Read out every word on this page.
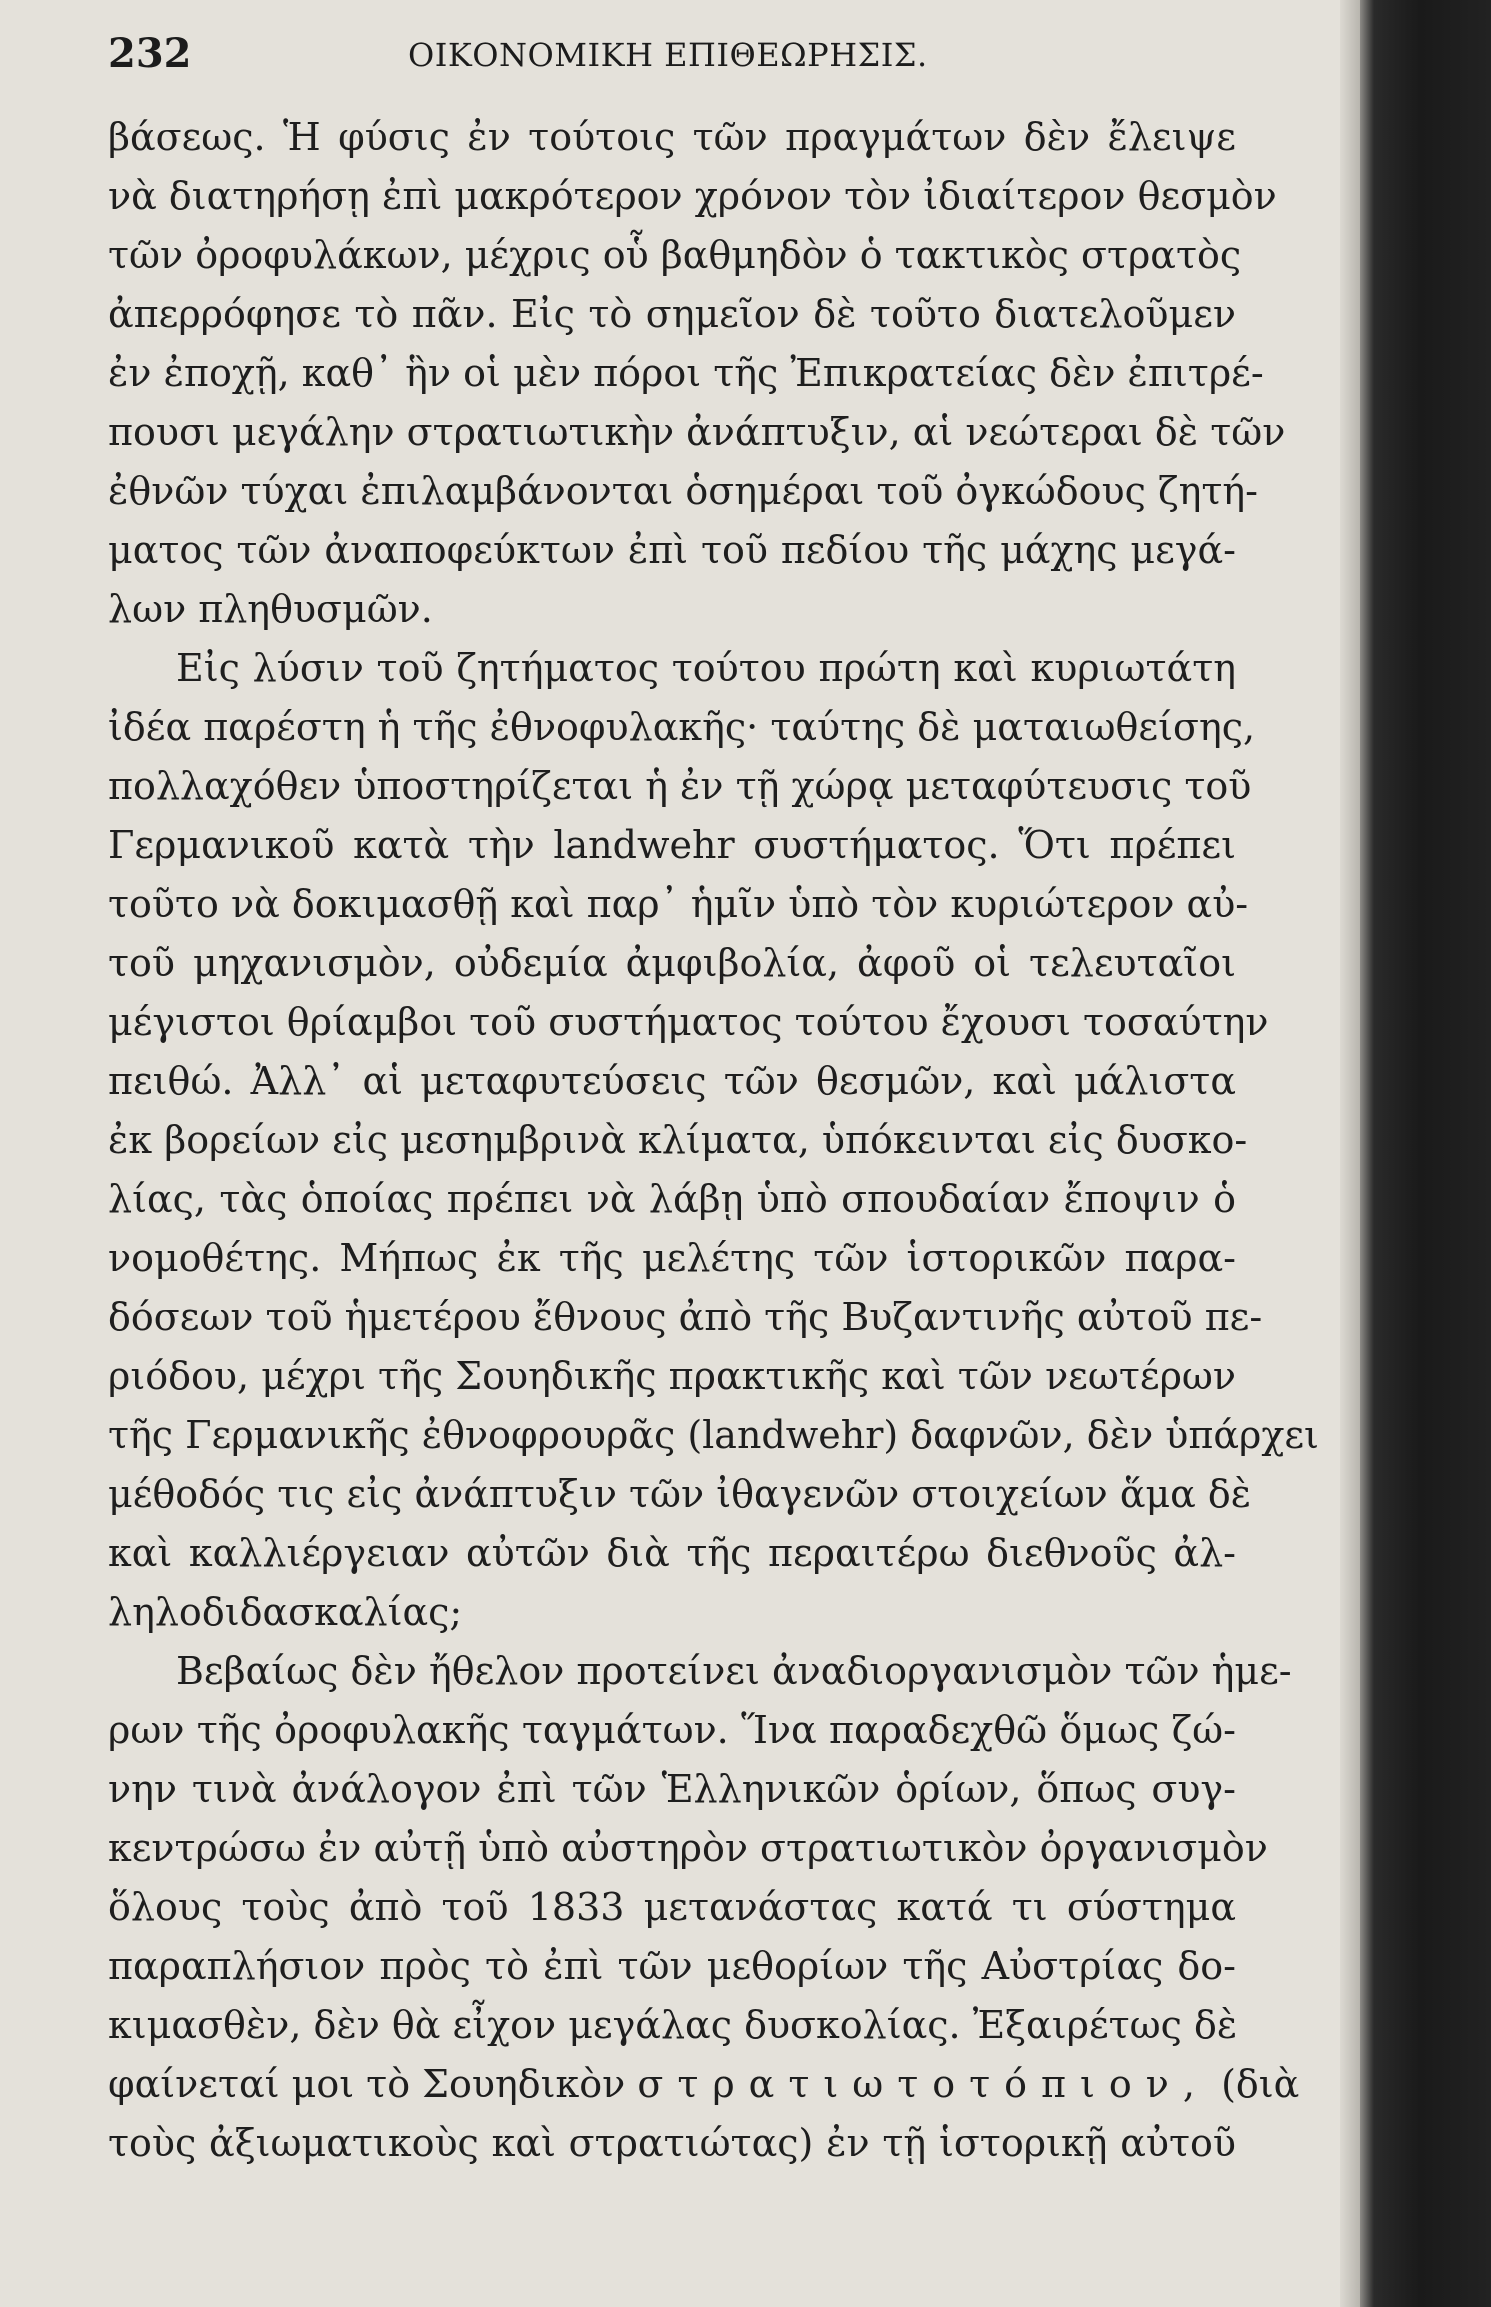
232	ΟΙΚΟΝΟΜΙΚΗ ΕΠΙΘΕΩΡΗΣΙΣ.
βάσεως. Ἡ φύσις ἐν τούτοις τῶν πραγμάτων δὲν ἔλειψε
νὰ διατηρήσῃ ἐπὶ μακρότερον χρόνον τὸν ἰδιαίτερον θεσμὸν
τῶν ὀροφυλάκων, μέχρις οὗ βαθμηδὸν ὁ τακτικὸς στρατὸς
ἀπερρόφησε τὸ πᾶν. Εἰς τὸ σημεῖον δὲ τοῦτο διατελοῦμεν
ἐν ἐποχῇ, καθ᾽ ἣν οἱ μὲν πόροι τῆς Ἐπικρατείας δὲν ἐπιτρέ-
πουσι μεγάλην στρατιωτικὴν ἀνάπτυξιν, αἱ νεώτεραι δὲ τῶν
ἐθνῶν τύχαι ἐπιλαμβάνονται ὁσημέραι τοῦ ὀγκώδους ζητή-
ματος τῶν ἀναποφεύκτων ἐπὶ τοῦ πεδίου τῆς μάχης μεγά-
λων πληθυσμῶν.
Εἰς λύσιν τοῦ ζητήματος τούτου πρώτη καὶ κυριωτάτη
ἰδέα παρέστη ἡ τῆς ἐθνοφυλακῆς· ταύτης δὲ ματαιωθείσης,
πολλαχόθεν ὑποστηρίζεται ἡ ἐν τῇ χώρᾳ μεταφύτευσις τοῦ
Γερμανικοῦ κατὰ τὴν landwehr συστήματος. Ὅτι πρέπει
τοῦτο νὰ δοκιμασθῇ καὶ παρ᾽ ἡμῖν ὑπὸ τὸν κυριώτερον αὐ-
τοῦ μηχανισμὸν, οὐδεμία ἀμφιβολία, ἀφοῦ οἱ τελευταῖοι
μέγιστοι θρίαμβοι τοῦ συστήματος τούτου ἔχουσι τοσαύτην
πειθώ. Ἀλλ᾽ αἱ μεταφυτεύσεις τῶν θεσμῶν, καὶ μάλιστα
ἐκ βορείων εἰς μεσημβρινὰ κλίματα, ὑπόκεινται εἰς δυσκο-
λίας, τὰς ὁποίας πρέπει νὰ λάβῃ ὑπὸ σπουδαίαν ἔποψιν ὁ
νομοθέτης. Μήπως ἐκ τῆς μελέτης τῶν ἱστορικῶν παρα-
δόσεων τοῦ ἡμετέρου ἔθνους ἀπὸ τῆς Βυζαντινῆς αὐτοῦ πε-
ριόδου, μέχρι τῆς Σουηδικῆς πρακτικῆς καὶ τῶν νεωτέρων
τῆς Γερμανικῆς ἐθνοφρουρᾶς (landwehr) δαφνῶν, δὲν ὑπάρχει
μέθοδός τις εἰς ἀνάπτυξιν τῶν ἰθαγενῶν στοιχείων ἅμα δὲ
καὶ καλλιέργειαν αὐτῶν διὰ τῆς περαιτέρω διεθνοῦς ἀλ-
ληλοδιδασκαλίας;
Βεβαίως δὲν ἤθελον προτείνει ἀναδιοργανισμὸν τῶν ἡμε-
ρων τῆς ὀροφυλακῆς ταγμάτων. Ἵνα παραδεχθῶ ὅμως ζώ-
νην τινὰ ἀνάλογον ἐπὶ τῶν Ἑλληνικῶν ὁρίων, ὅπως συγ-
κεντρώσω ἐν αὐτῇ ὑπὸ αὐστηρὸν στρατιωτικὸν ὀργανισμὸν
ὅλους τοὺς ἀπὸ τοῦ 1833 μετανάστας κατά τι σύστημα
παραπλήσιον πρὸς τὸ ἐπὶ τῶν μεθορίων τῆς Αὐστρίας δο-
κιμασθὲν, δὲν θὰ εἶχον μεγάλας δυσκολίας. Ἐξαιρέτως δὲ
φαίνεταί μοι τὸ Σουηδικὸν στρατιωτοτόπιον, (διὰ
τοὺς ἀξιωματικοὺς καὶ στρατιώτας) ἐν τῇ ἱστορικῇ αὐτοῦ
